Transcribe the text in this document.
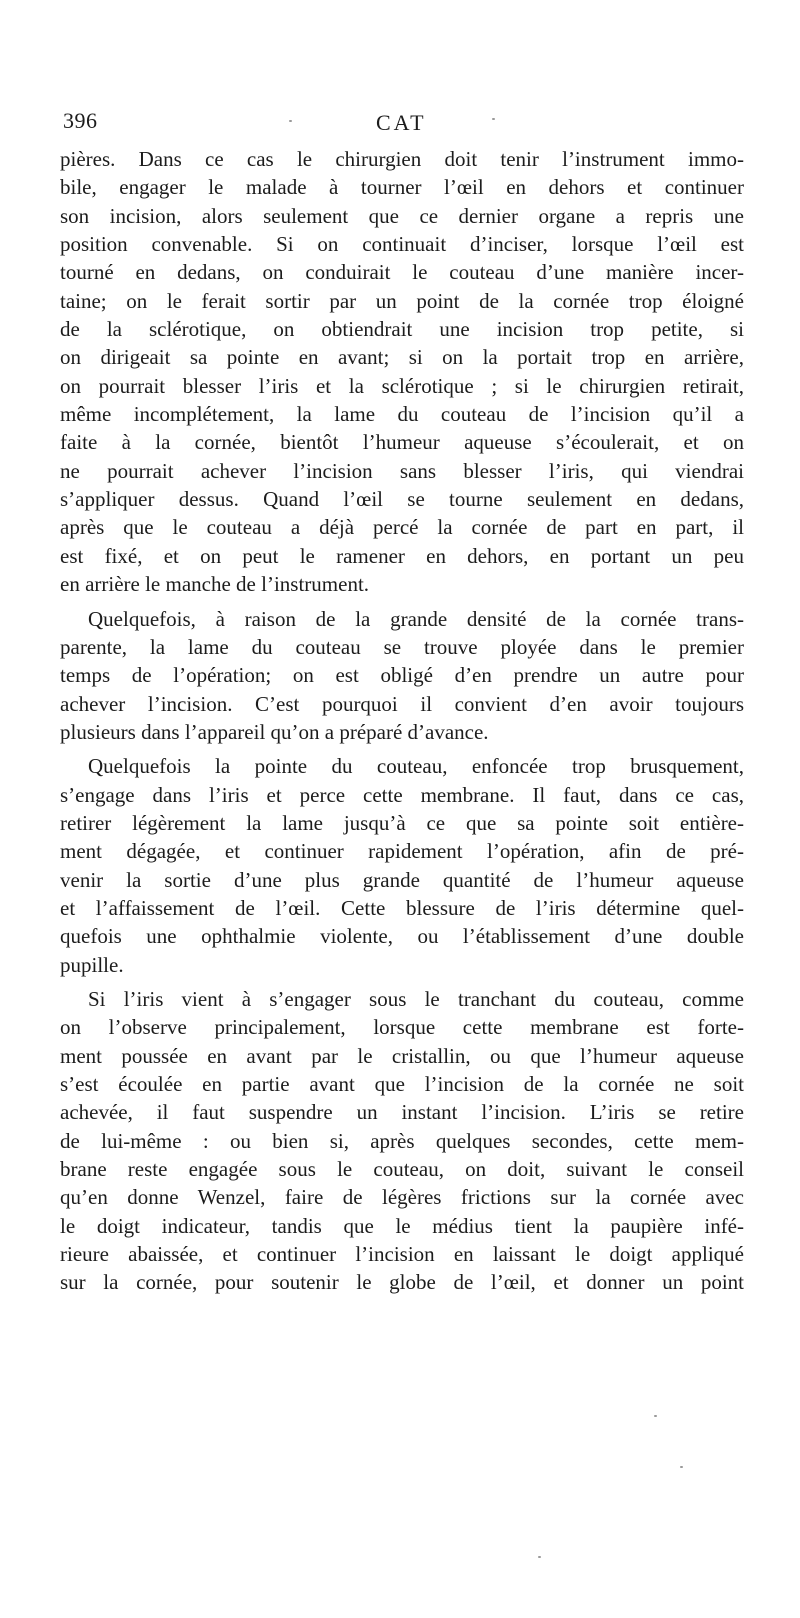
396	CAT
pières. Dans ce cas le chirurgien doit tenir l’instrument immo-
bile, engager le malade à tourner l’œil en dehors et continuer
son incision, alors seulement que ce dernier organe a repris une
position convenable. Si on continuait d’inciser, lorsque l’œil est
tourné en dedans, on conduirait le couteau d’une manière incer-
taine; on le ferait sortir par un point de la cornée trop éloigné
de la sclérotique, on obtiendrait une incision trop petite, si
on dirigeait sa pointe en avant; si on la portait trop en arrière,
on pourrait blesser l’iris et la sclérotique ; si le chirurgien retirait,
même incomplétement, la lame du couteau de l’incision qu’il a
faite à la cornée, bientôt l’humeur aqueuse s’écoulerait, et on
ne pourrait achever l’incision sans blesser l’iris, qui viendrai
s’appliquer dessus. Quand l’œil se tourne seulement en dedans,
après que le couteau a déjà percé la cornée de part en part, il
est fixé, et on peut le ramener en dehors, en portant un peu
en arrière le manche de l’instrument.
Quelquefois, à raison de la grande densité de la cornée trans-
parente, la lame du couteau se trouve ployée dans le premier
temps de l’opération; on est obligé d’en prendre un autre pour
achever l’incision. C’est pourquoi il convient d’en avoir toujours
plusieurs dans l’appareil qu’on a préparé d’avance.
Quelquefois la pointe du couteau, enfoncée trop brusquement,
s’engage dans l’iris et perce cette membrane. Il faut, dans ce cas,
retirer légèrement la lame jusqu’à ce que sa pointe soit entière-
ment dégagée, et continuer rapidement l’opération, afin de pré-
venir la sortie d’une plus grande quantité de l’humeur aqueuse
et l’affaissement de l’œil. Cette blessure de l’iris détermine quel-
quefois une ophthalmie violente, ou l’établissement d’une double
pupille.
Si l’iris vient à s’engager sous le tranchant du couteau, comme
on l’observe principalement, lorsque cette membrane est forte-
ment poussée en avant par le cristallin, ou que l’humeur aqueuse
s’est écoulée en partie avant que l’incision de la cornée ne soit
achevée, il faut suspendre un instant l’incision. L’iris se retire
de lui-même : ou bien si, après quelques secondes, cette mem-
brane reste engagée sous le couteau, on doit, suivant le conseil
qu’en donne Wenzel, faire de légères frictions sur la cornée avec
le doigt indicateur, tandis que le médius tient la paupière infé-
rieure abaissée, et continuer l’incision en laissant le doigt appliqué
sur la cornée, pour soutenir le globe de l’œil, et donner un point
